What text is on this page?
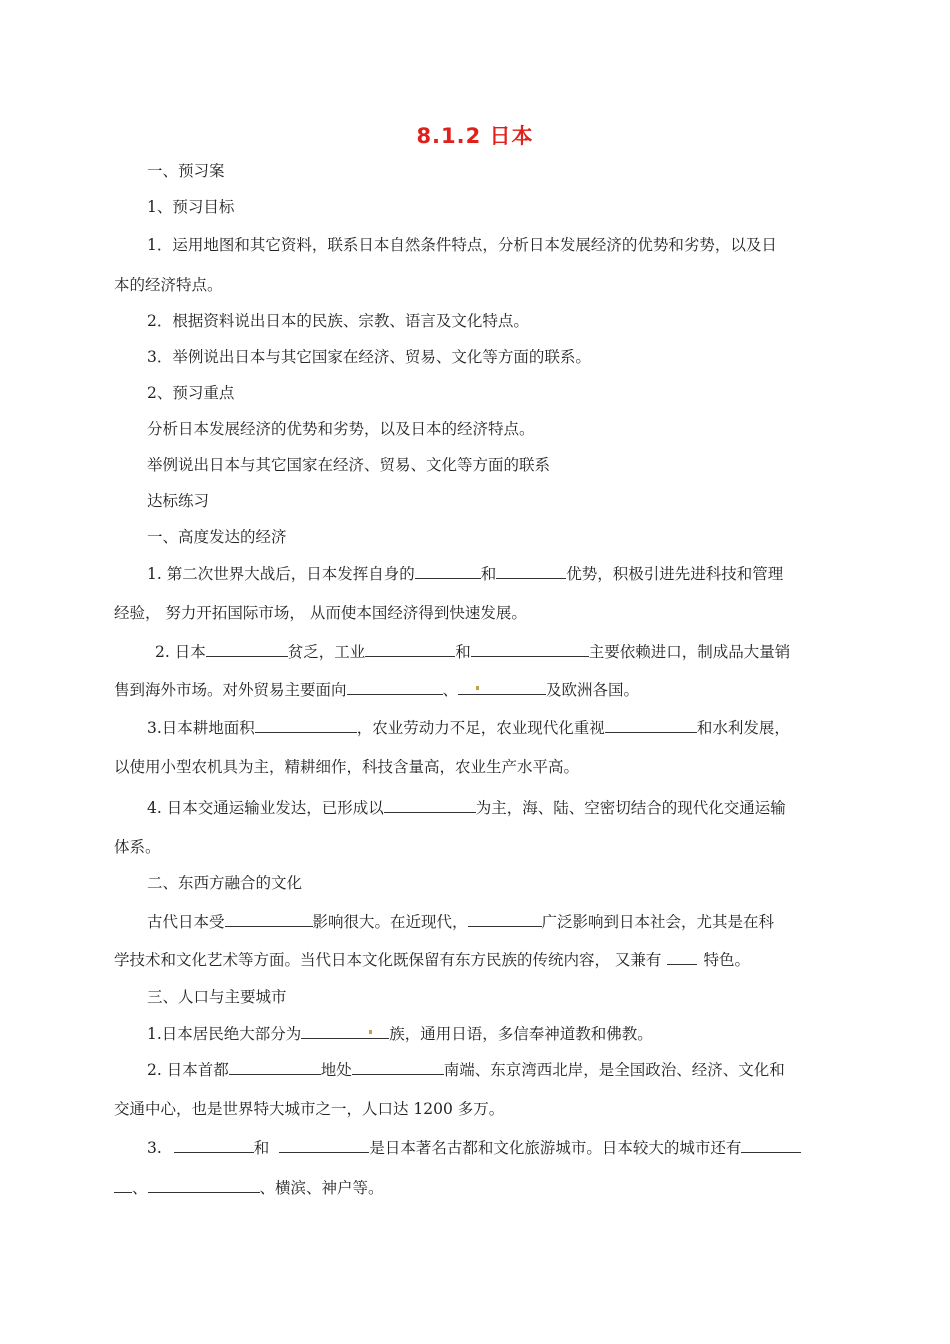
8.1.2 日本
一、预习案
1、预习目标
1．运用地图和其它资料，联系日本自然条件特点，分析日本发展经济的优势和劣势，以及日
本的经济特点。
2．根据资料说出日本的民族、宗教、语言及文化特点。
3．举例说出日本与其它国家在经济、贸易、文化等方面的联系。
2、预习重点
分析日本发展经济的优势和劣势，以及日本的经济特点。
举例说出日本与其它国家在经济、贸易、文化等方面的联系
达标练习
一、高度发达的经济
1. 第二次世界大战后，日本发挥自身的	和	优势，积极引进先进科技和管理
经验， 努力开拓国际市场， 从而使本国经济得到快速发展。
2. 日本	贫乏，工业	和	主要依赖进口，制成品大量销
售到海外市场。对外贸易主要面向	、	及欧洲各国。
3.日本耕地面积	，农业劳动力不足，农业现代化重视	和水利发展，
以使用小型农机具为主，精耕细作，科技含量高，农业生产水平高。
4. 日本交通运输业发达，已形成以	为主，海、陆、空密切结合的现代化交通运输
体系。
二、东西方融合的文化
古代日本受	影响很大。在近现代，	广泛影响到日本社会，尤其是在科
学技术和文化艺术等方面。当代日本文化既保留有东方民族的传统内容， 又兼有	特色。
三、人口与主要城市
1.日本居民绝大部分为	族，通用日语，多信奉神道教和佛教。
2. 日本首都	地处	南端、东京湾西北岸，是全国政治、经济、文化和
交通中心，也是世界特大城市之一，人口达 1200 多万。
3.	和	是日本著名古都和文化旅游城市。日本较大的城市还有
、	、横滨、神户等。
